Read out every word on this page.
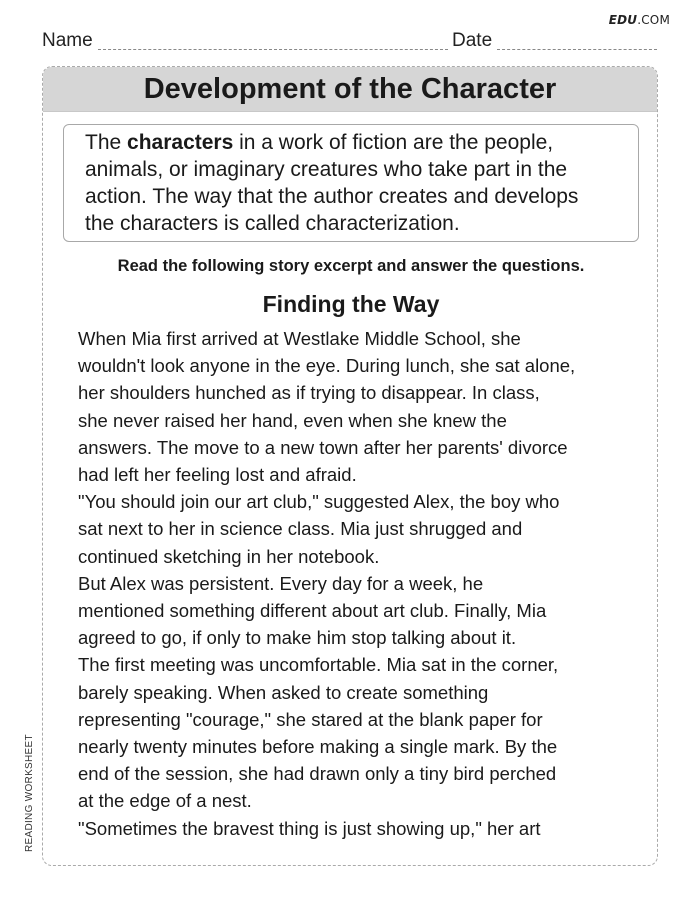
EDU.COM
Name	Date
Development of the Character
The characters in a work of fiction are the people,
animals, or imaginary creatures who take part in the
action. The way that the author creates and develops
the characters is called characterization.
Read the following story excerpt and answer the questions.
Finding the Way
When Mia first arrived at Westlake Middle School, she
wouldn't look anyone in the eye. During lunch, she sat alone,
her shoulders hunched as if trying to disappear. In class,
she never raised her hand, even when she knew the
answers. The move to a new town after her parents' divorce
had left her feeling lost and afraid.
"You should join our art club," suggested Alex, the boy who
sat next to her in science class. Mia just shrugged and
continued sketching in her notebook.
But Alex was persistent. Every day for a week, he
mentioned something different about art club. Finally, Mia
agreed to go, if only to make him stop talking about it.
The first meeting was uncomfortable. Mia sat in the corner,
barely speaking. When asked to create something
representing "courage," she stared at the blank paper for
nearly twenty minutes before making a single mark. By the
end of the session, she had drawn only a tiny bird perched
at the edge of a nest.
"Sometimes the bravest thing is just showing up," her art
READING WORKSHEET
